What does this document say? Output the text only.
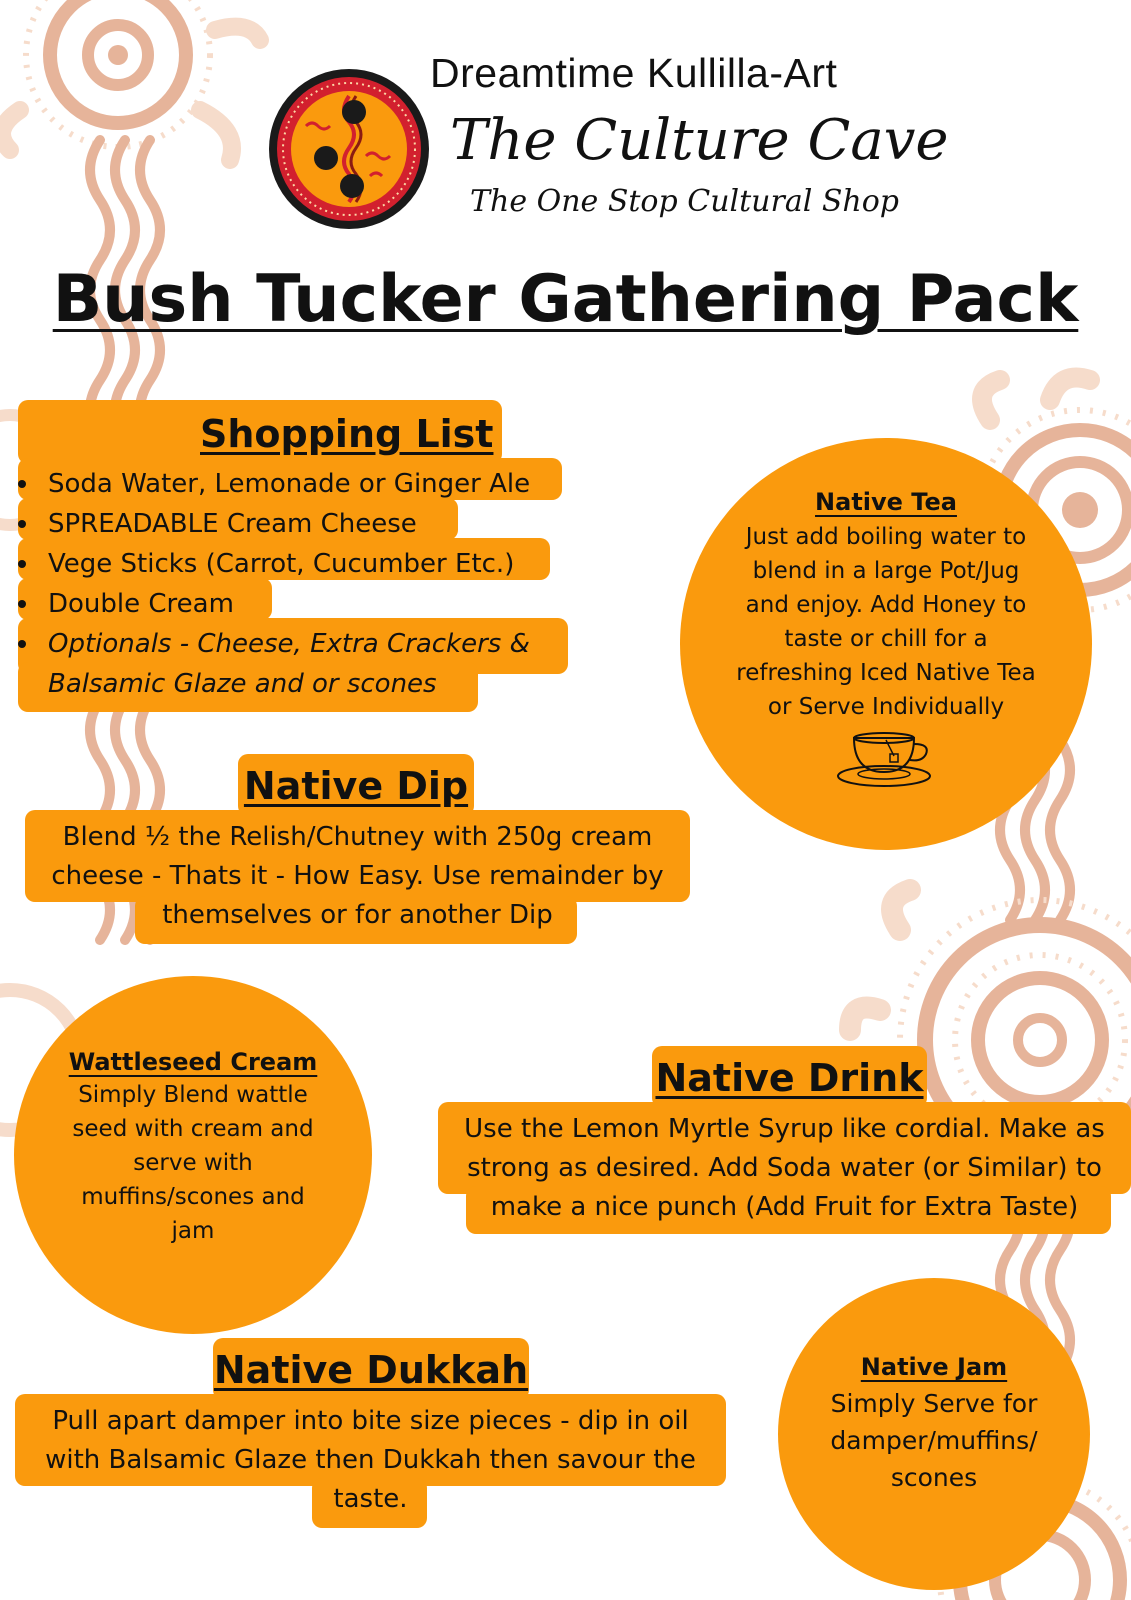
Dreamtime Kullilla-Art
The Culture Cave
The One Stop Cultural Shop
Bush Tucker Gathering Pack
Shopping List
Soda Water, Lemonade or Ginger Ale
SPREADABLE Cream Cheese
Vege Sticks (Carrot, Cucumber Etc.)
Double Cream
Optionals - Cheese, Extra Crackers &
Balsamic Glaze and or scones
Native Tea
Just add boiling water to
blend in a large Pot/Jug
and enjoy. Add Honey to
taste or chill for a
refreshing Iced Native Tea
or Serve Individually
Native Dip
Blend ½ the Relish/Chutney with 250g cream
cheese - Thats it - How Easy. Use remainder by
themselves or for another Dip
Wattleseed Cream
Simply Blend wattle
seed with cream and
serve with
muffins/scones and
jam
Native Drink
Use the Lemon Myrtle Syrup like cordial. Make as
strong as desired. Add Soda water (or Similar) to
make a nice punch (Add Fruit for Extra Taste)
Native Dukkah
Pull apart damper into bite size pieces - dip in oil
with Balsamic Glaze then Dukkah then savour the
taste.
Native Jam
Simply Serve for
damper/muffins/
scones
